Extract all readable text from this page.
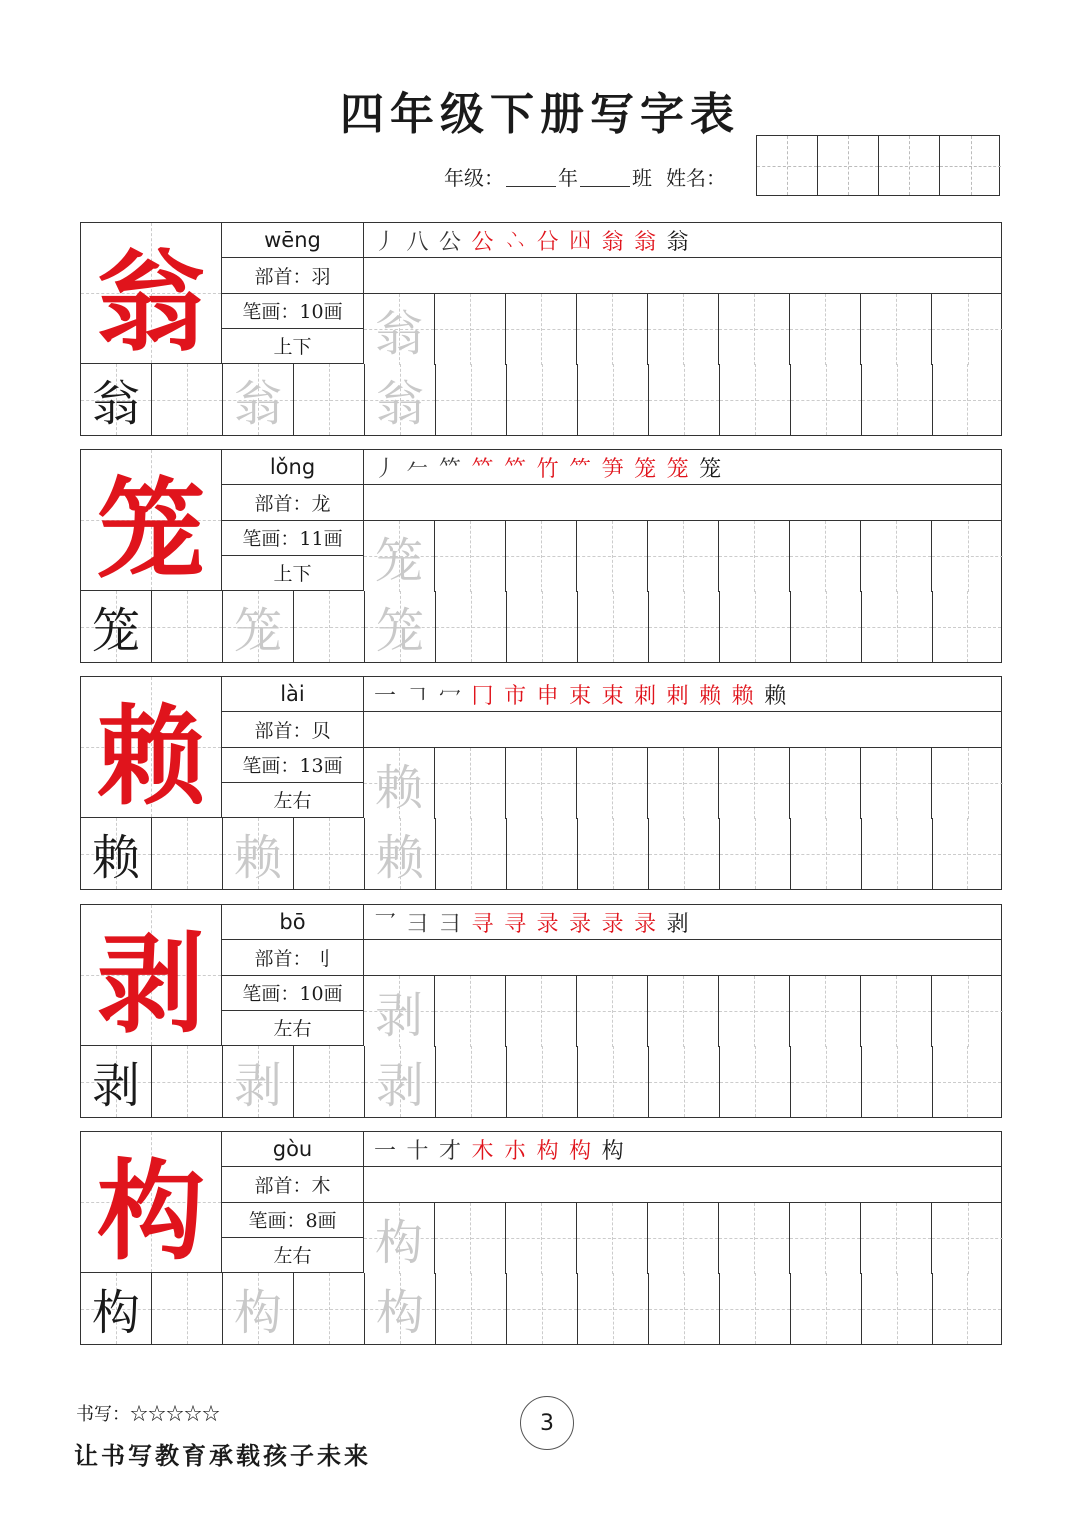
四年级下册写字表
年级：	年	班 姓名：
翁	wēng
部首：羽
笔画：10画
上下
丿 八 公 公 𠁼 㕣 𡆧 翁 翁 翁
翁
翁 翁 翁
笼	lǒng
部首：龙
笔画：11画
上下
丿 𠂉 𥫗 𥫗 𥫗 竹 ⺮ 笋 笼 笼 笼
笼
笼 笼 笼
赖	lài
部首：贝
笔画：13画
左右
一 𠃍 冖 冂 市 申 束 束 刺 剌 赖 赖 赖
赖
赖 赖 赖
剥	bō
部首：刂
笔画：10画
左右
乛 彐 彐 寻 寻 录 录 录 录 剥
剥
剥 剥 剥
构	gòu
部首：木
笔画：8画
左右
一 十 才 木 朩 构 构 构
构
构 构 构
书写：☆☆☆☆☆
让书写教育承载孩子未来
3
